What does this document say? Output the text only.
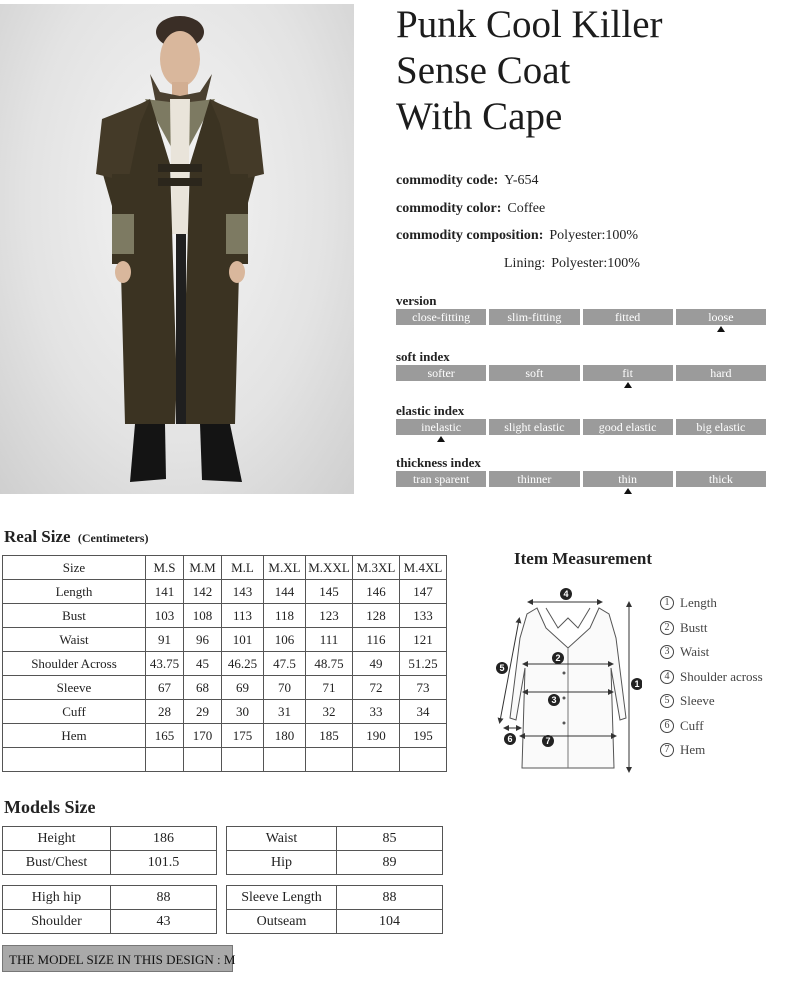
Punk Cool Killer
Sense Coat
With Cape
commodity code: Y-654
commodity color: Coffee
commodity composition: Polyester:100%
Lining: Polyester:100%
version
close-fitting	slim-fitting	fitted	loose
soft index
softer	soft	fit	hard
elastic index
inelastic	slight elastic	good elastic	big elastic
thickness index
tran sparent	thinner	thin	thick
Real Size (Centimeters)
Size	M.S	M.M	M.L	M.XL	M.XXL	M.3XL	M.4XL
Length	141	142	143	144	145	146	147
Bust	103	108	113	118	123	128	133
Waist	91	96	101	106	111	116	121
Shoulder Across	43.75	45	46.25	47.5	48.75	49	51.25
Sleeve	67	68	69	70	71	72	73
Cuff	28	29	30	31	32	33	34
Hem	165	170	175	180	185	190	195

Item Measurement
1
2
3
4
5
6	7
1 Length
2 Bustt
3 Waist
4 Shoulder across
5 Sleeve
6 Cuff
7 Hem
Models Size
Height	186
Bust/Chest	101.5
Waist	85
Hip	89
High hip	88
Shoulder	43
Sleeve Length	88
Outseam	104
THE MODEL SIZE IN THIS DESIGN : M
